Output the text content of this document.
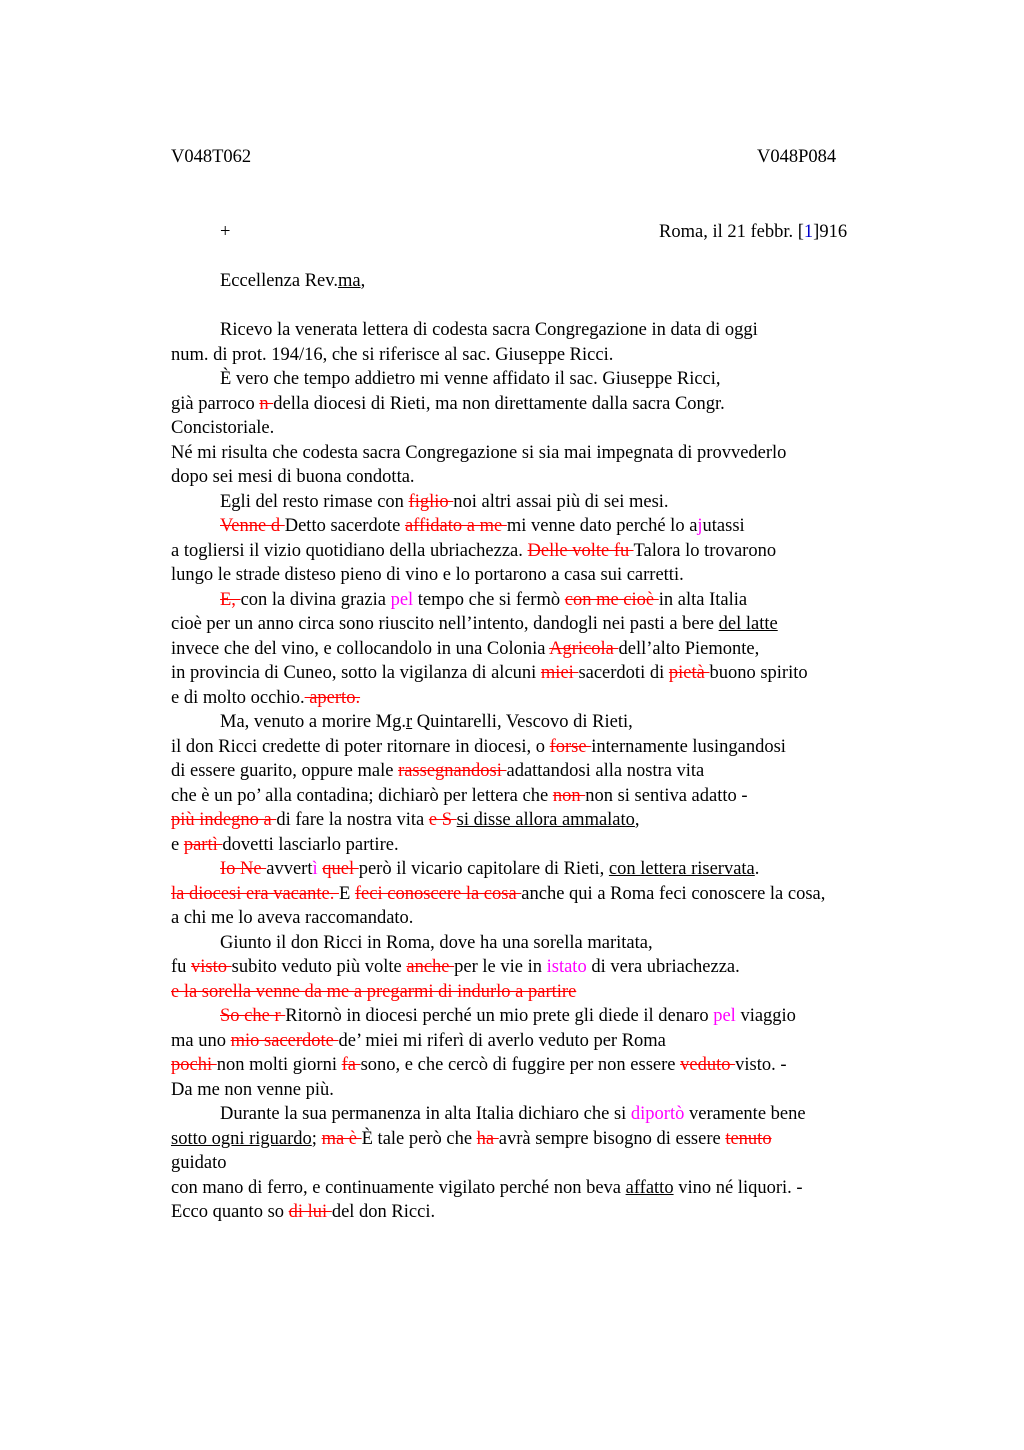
V048T062	V048P084
+	Roma, il 21 febbr. [1]916
Eccellenza Rev.ma,
Ricevo la venerata lettera di codesta sacra Congregazione in data di oggi
num. di prot. 194/16, che si riferisce al sac. Giuseppe Ricci.
È vero che tempo addietro mi venne affidato il sac. Giuseppe Ricci,
già parroco n della diocesi di Rieti, ma non direttamente dalla sacra Congr.
Concistoriale.
Né mi risulta che codesta sacra Congregazione si sia mai impegnata di provvederlo
dopo sei mesi di buona condotta.
Egli del resto rimase con figlio noi altri assai più di sei mesi.
Venne d Detto sacerdote affidato a me mi venne dato perché lo ajutassi
a togliersi il vizio quotidiano della ubriachezza. Delle volte fu Talora lo trovarono
lungo le strade disteso pieno di vino e lo portarono a casa sui carretti.
E, con la divina grazia pel tempo che si fermò con me cioè in alta Italia
cioè per un anno circa sono riuscito nell’intento, dandogli nei pasti a bere del latte
invece che del vino, e collocandolo in una Colonia Agricola dell’alto Piemonte,
in provincia di Cuneo, sotto la vigilanza di alcuni miei sacerdoti di pietà buono spirito
e di molto occhio. aperto.
Ma, venuto a morire Mg.r Quintarelli, Vescovo di Rieti,
il don Ricci credette di poter ritornare in diocesi, o forse internamente lusingandosi
di essere guarito, oppure male rassegnandosi adattandosi alla nostra vita
che è un po’ alla contadina; dichiarò per lettera che non non si sentiva adatto -
più indegno a di fare la nostra vita e S si disse allora ammalato,
e partì dovetti lasciarlo partire.
Io Ne avvertì quel però il vicario capitolare di Rieti, con lettera riservata.
la diocesi era vacante. E feci conoscere la cosa anche qui a Roma feci conoscere la cosa,
a chi me lo aveva raccomandato.
Giunto il don Ricci in Roma, dove ha una sorella maritata,
fu visto subito veduto più volte anche per le vie in istato di vera ubriachezza.
e la sorella venne da me a pregarmi di indurlo a partire
So che r Ritornò in diocesi perché un mio prete gli diede il denaro pel viaggio
ma uno mio sacerdote de’ miei mi riferì di averlo veduto per Roma
pochi non molti giorni fa sono, e che cercò di fuggire per non essere veduto visto. -
Da me non venne più.
Durante la sua permanenza in alta Italia dichiaro che si diportò veramente bene
sotto ogni riguardo; ma è È tale però che ha avrà sempre bisogno di essere tenuto
guidato
con mano di ferro, e continuamente vigilato perché non beva affatto vino né liquori. -
Ecco quanto so di lui del don Ricci.
